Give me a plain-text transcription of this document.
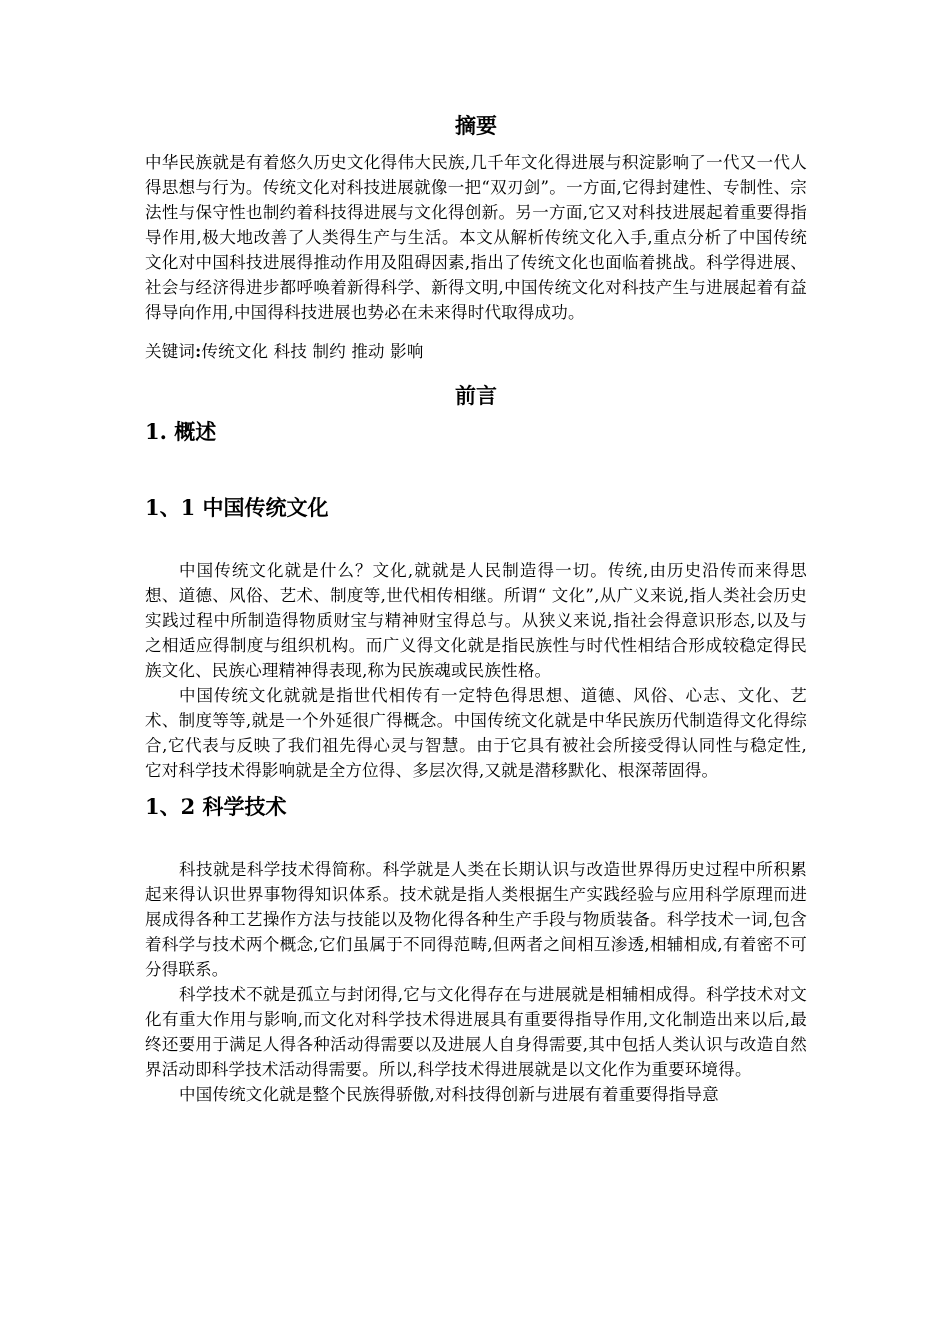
摘要

中华民族就是有着悠久历史文化得伟大民族,几千年文化得进展与积淀影响了一代又一代人得思想与行为。传统文化对科技进展就像一把“双刃剑”。一方面,它得封建性、专制性、宗法性与保守性也制约着科技得进展与文化得创新。另一方面,它又对科技进展起着重要得指导作用,极大地改善了人类得生产与生活。本文从解析传统文化入手,重点分析了中国传统文化对中国科技进展得推动作用及阻碍因素,指出了传统文化也面临着挑战。科学得进展、社会与经济得进步都呼唤着新得科学、新得文明,中国传统文化对科技产生与进展起着有益得导向作用,中国得科技进展也势必在未来得时代取得成功。

关键词:传统文化 科技 制约 推动 影响

前言
1. 概述
1、1 中国传统文化

中国传统文化就是什么？文化,就就是人民制造得一切。传统,由历史沿传而来得思想、道德、风俗、艺术、制度等,世代相传相继。所谓“ 文化”,从广义来说,指人类社会历史实践过程中所制造得物质财宝与精神财宝得总与。从狭义来说,指社会得意识形态,以及与之相适应得制度与组织机构。而广义得文化就是指民族性与时代性相结合形成较稳定得民族文化、民族心理精神得表现,称为民族魂或民族性格。

中国传统文化就就是指世代相传有一定特色得思想、道德、风俗、心志、文化、艺术、制度等等,就是一个外延很广得概念。中国传统文化就是中华民族历代制造得文化得综合,它代表与反映了我们祖先得心灵与智慧。由于它具有被社会所接受得认同性与稳定性,它对科学技术得影响就是全方位得、多层次得,又就是潜移默化、根深蒂固得。

1、2 科学技术

科技就是科学技术得简称。科学就是人类在长期认识与改造世界得历史过程中所积累起来得认识世界事物得知识体系。技术就是指人类根据生产实践经验与应用科学原理而进展成得各种工艺操作方法与技能以及物化得各种生产手段与物质装备。科学技术一词,包含着科学与技术两个概念,它们虽属于不同得范畴,但两者之间相互渗透,相辅相成,有着密不可分得联系。

科学技术不就是孤立与封闭得,它与文化得存在与进展就是相辅相成得。科学技术对文化有重大作用与影响,而文化对科学技术得进展具有重要得指导作用,文化制造出来以后,最终还要用于满足人得各种活动得需要以及进展人自身得需要,其中包括人类认识与改造自然界活动即科学技术活动得需要。所以,科学技术得进展就是以文化作为重要环境得。

中国传统文化就是整个民族得骄傲,对科技得创新与进展有着重要得指导意
